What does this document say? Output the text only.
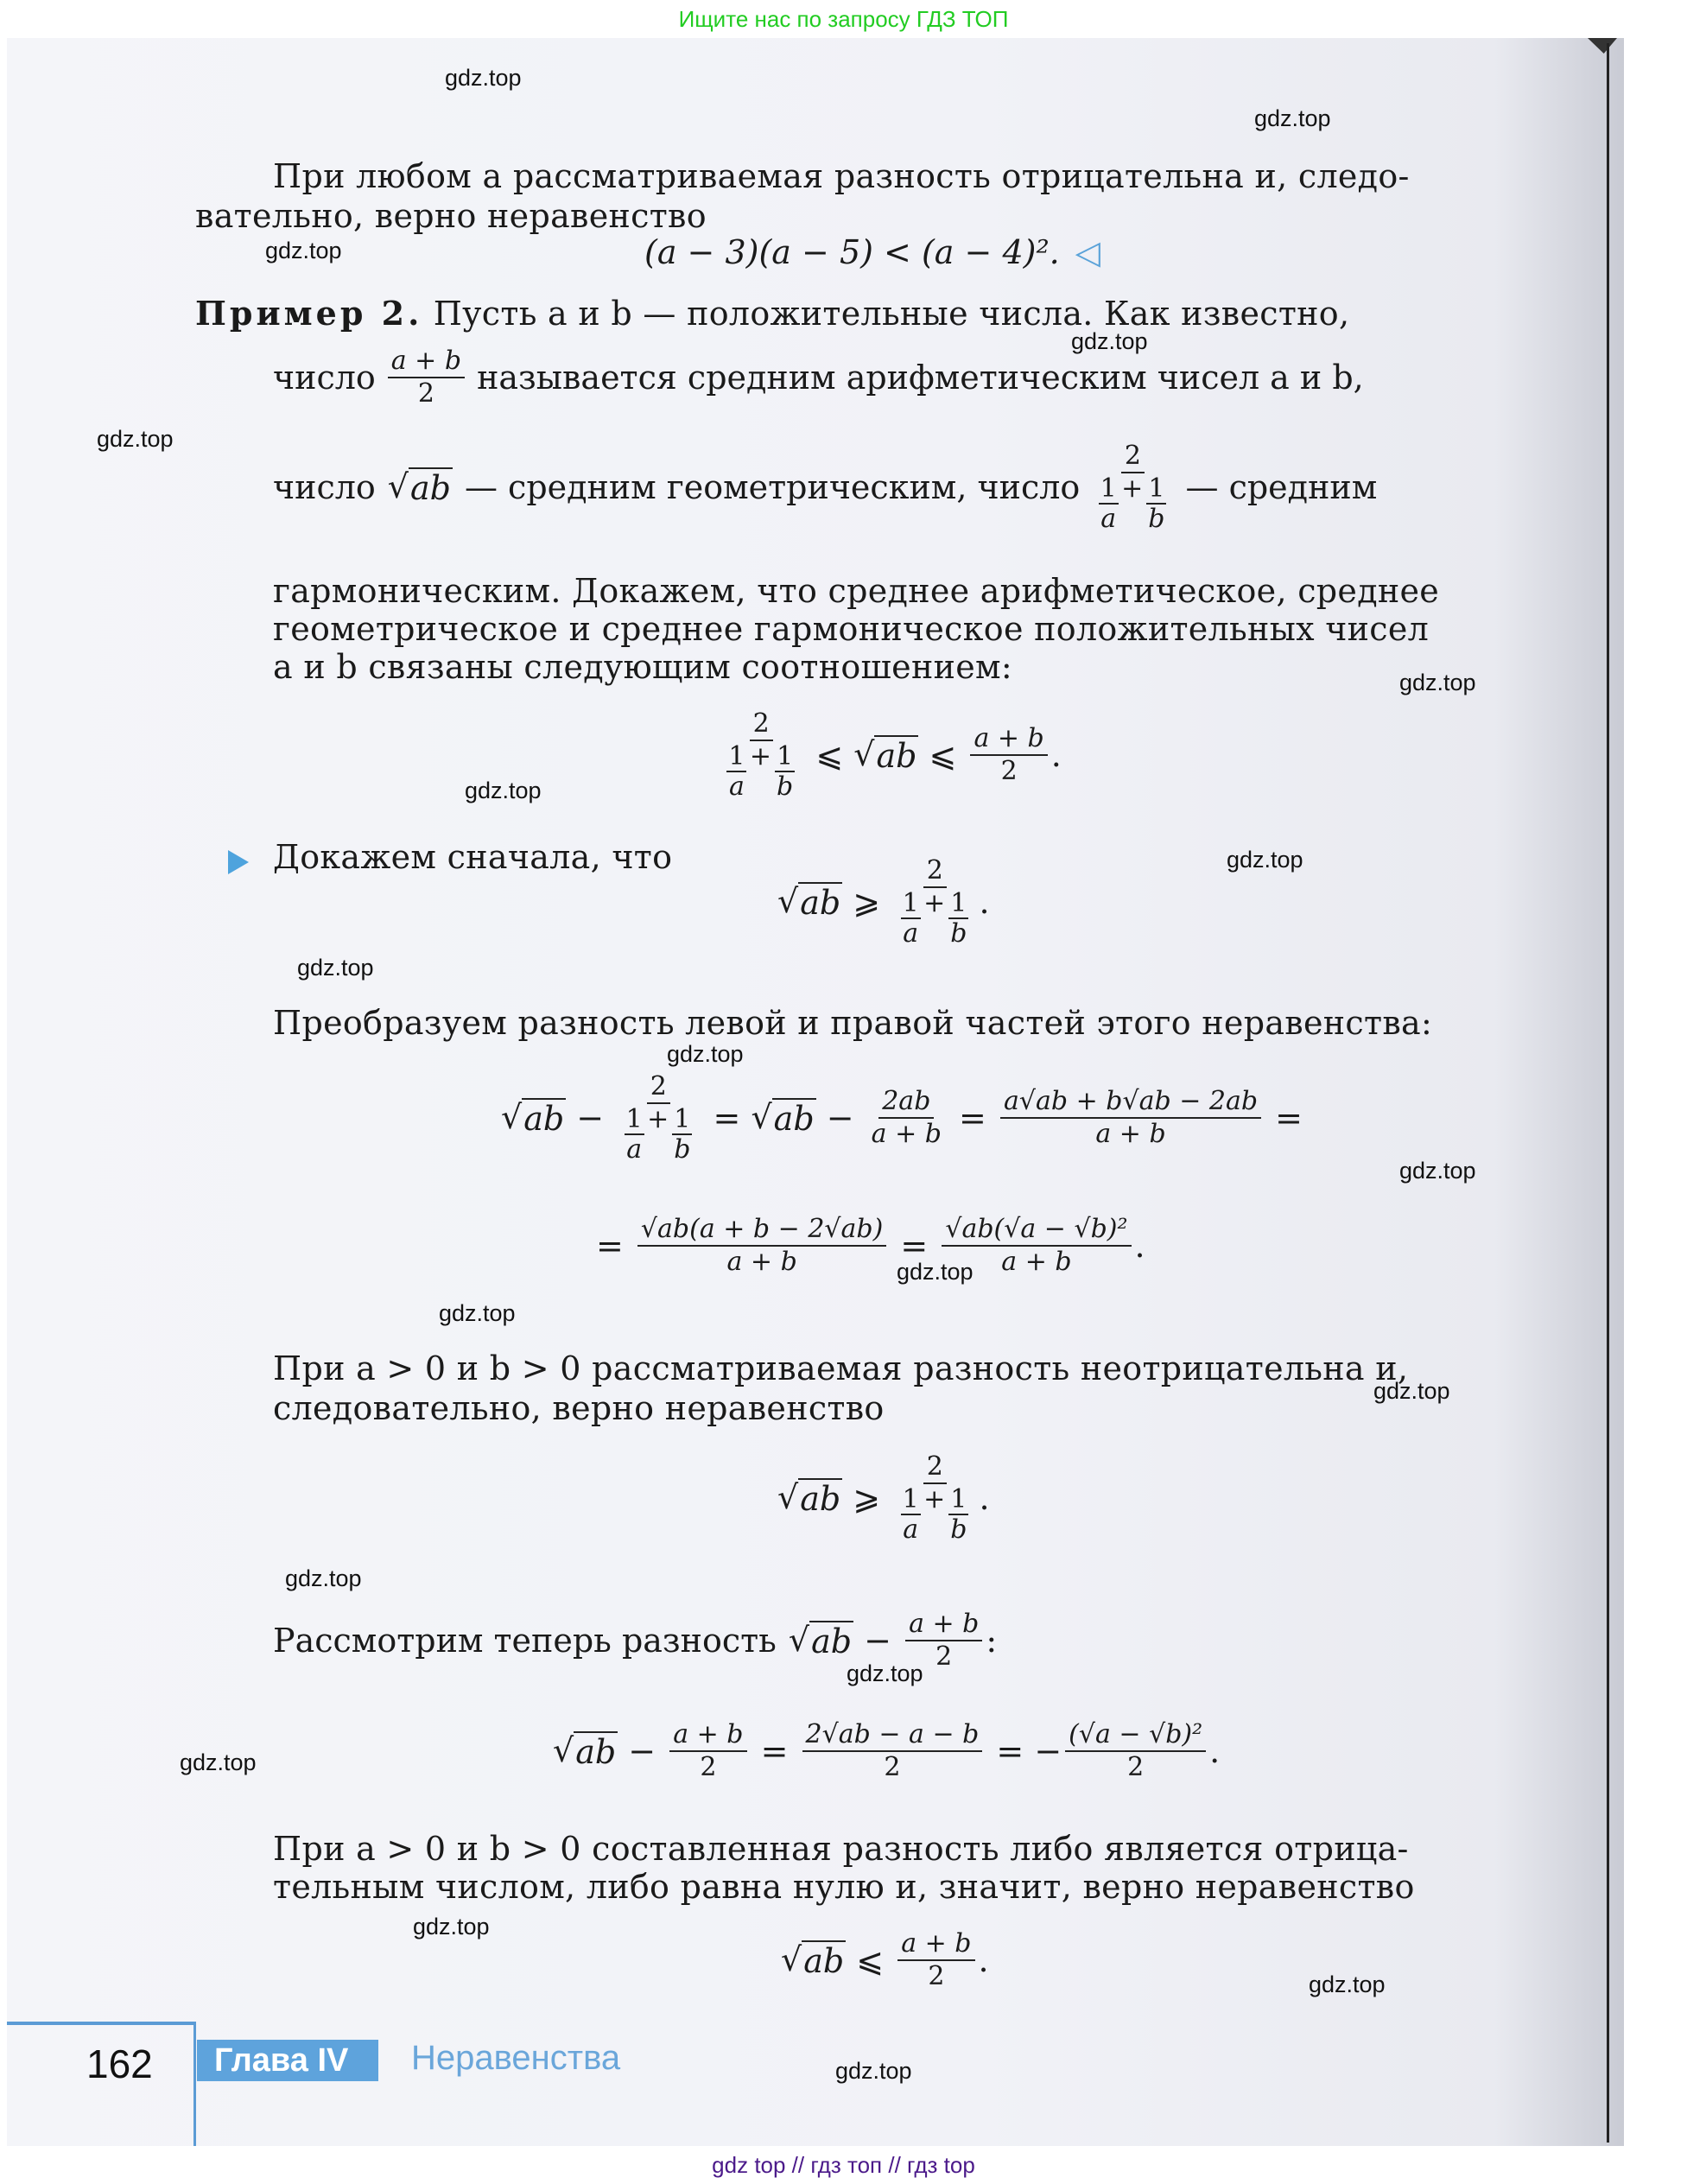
Ищите нас по запросу ГДЗ ТОП
gdz.top
gdz.top
gdz.top
gdz.top
gdz.top
gdz.top
gdz.top
gdz.top
gdz.top
gdz.top
gdz.top
gdz.top
gdz.top
gdz.top
gdz.top
gdz.top
gdz.top
gdz.top
gdz.top
gdz.top
При любом a рассматриваемая разность отрицательна и, следо-
вательно, верно неравенство
(a − 3)(a − 5) < (a − 4)². ◁
Пример 2. Пусть a и b — положительные числа. Как известно,
число $\frac{a + b}{2}$ называется средним арифметическим чисел a и b,
число √ ab — средним геометрическим, число $\frac{2}{\frac{1}{a} + \frac{1}{b}}$ — средним
гармоническим. Докажем, что среднее арифметическое, среднее
геометрическое и среднее гармоническое положительных чисел
a и b связаны следующим соотношением:
$\frac{2}{\frac{1}{a} + \frac{1}{b}}$ ⩽ √ ab ⩽ $\frac{a + b}{2}$ .
Докажем сначала, что
√ ab ⩾ $\frac{2}{\frac{1}{a} + \frac{1}{b}}$ .
Преобразуем разность левой и правой частей этого неравенства:
√ ab − $\frac{2}{\frac{1}{a} + \frac{1}{b}}$ = √ ab − $\frac{2ab}{a + b} = \frac{a√ab + b√ab - 2ab}{a + b}$ =
= $\frac{√ab(a + b - 2√ab)}{a + b} = \frac{\text{√ab(√a − √b)²}}{a + b}$ .
При a > 0 и b > 0 рассматриваемая разность неотрицательна и,
следовательно, верно неравенство
√ ab ⩾ $\frac{2}{\frac{1}{a} + \frac{1}{b}}$ .
Рассмотрим теперь разность √ ab − $\frac{a + b}{2}$ :
√ ab − $\frac{a + b}{2} = \frac{2√ab - a - b}{2}$ = − $\frac{\text{(√a − √b)²}}{2}$ .
При a > 0 и b > 0 составленная разность либо является отрица-
тельным числом, либо равна нулю и, значит, верно неравенство
√ ab ⩽ $\frac{a + b}{2}$ .
162	Глава IV	Неравенства
gdz top // гдз топ // гдз top
